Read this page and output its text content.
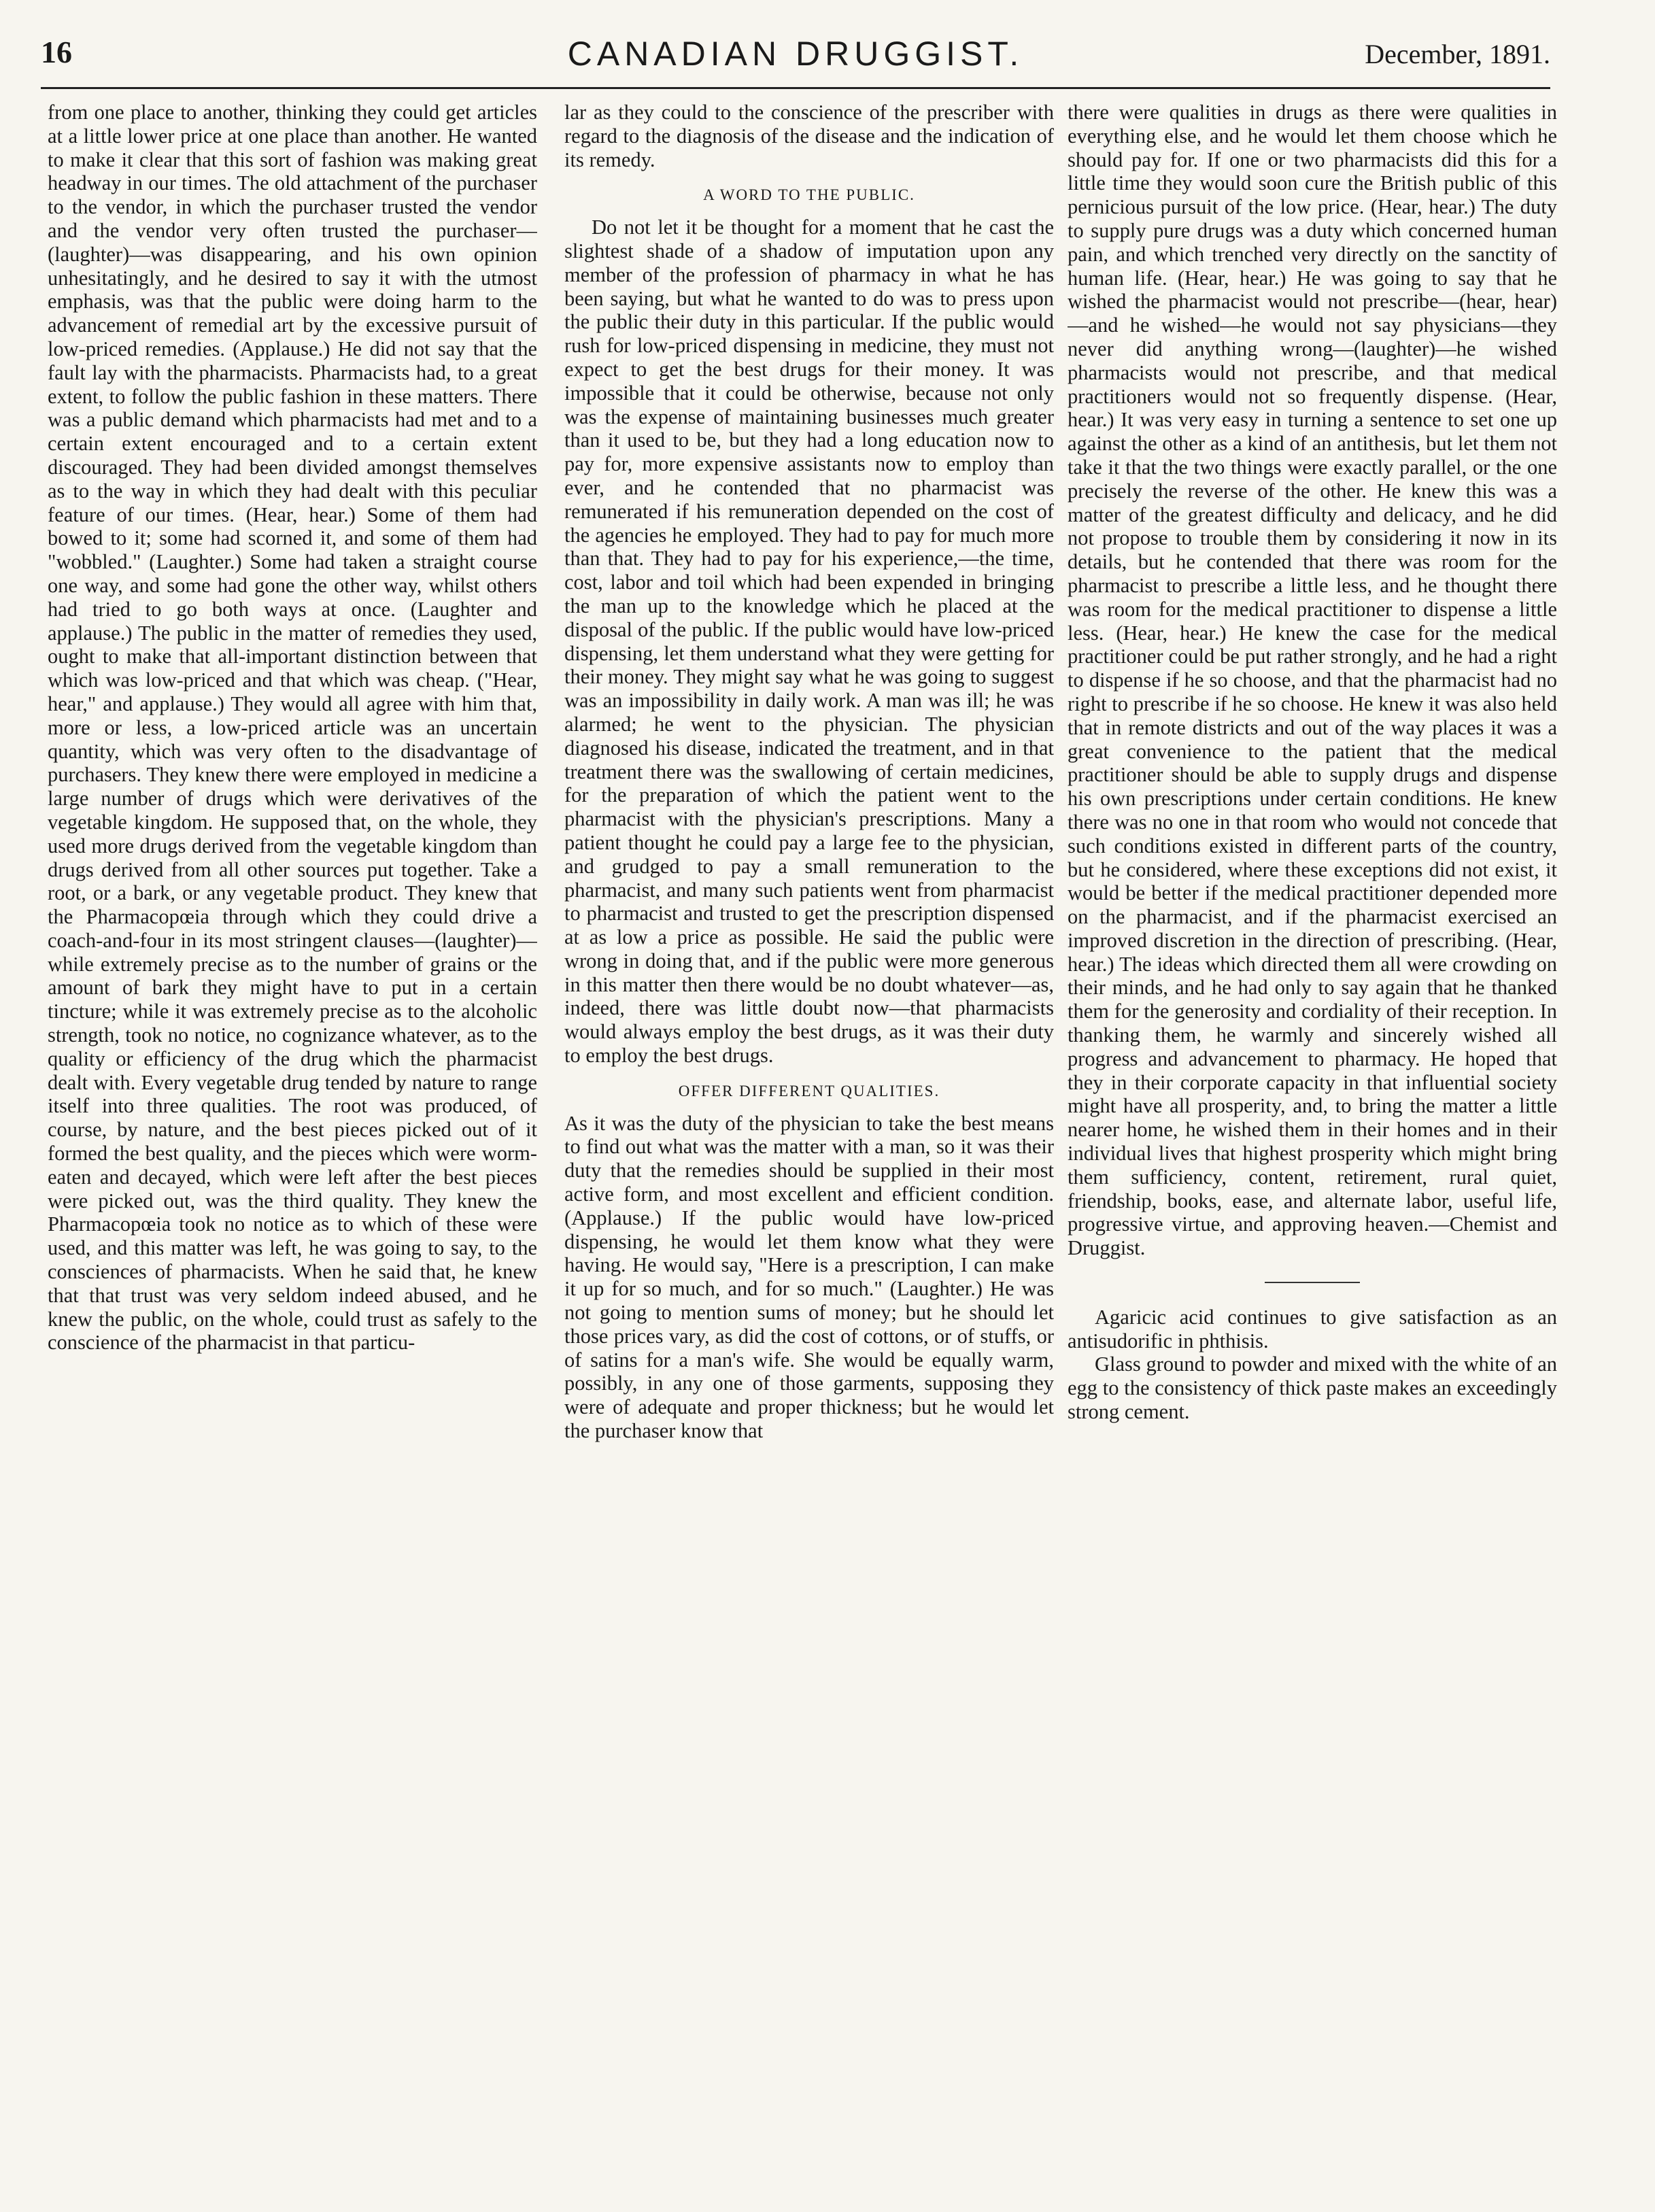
16	CANADIAN DRUGGIST.	December, 1891.

from one place to another, thinking they could get articles at a little lower price at one place than another. He wanted to make it clear that this sort of fashion was making great headway in our times. The old attachment of the purchaser to the vendor, in which the purchaser trusted the vendor and the vendor very often trusted the purchaser—(laughter)—was disappearing, and his own opinion unhesitatingly, and he desired to say it with the utmost emphasis, was that the public were doing harm to the advancement of remedial art by the excessive pursuit of low-priced remedies. (Applause.) He did not say that the fault lay with the pharmacists. Pharmacists had, to a great extent, to follow the public fashion in these matters. There was a public demand which pharmacists had met and to a certain extent encouraged and to a certain extent discouraged. They had been divided amongst themselves as to the way in which they had dealt with this peculiar feature of our times. (Hear, hear.) Some of them had bowed to it; some had scorned it, and some of them had "wobbled." (Laughter.) Some had taken a straight course one way, and some had gone the other way, whilst others had tried to go both ways at once. (Laughter and applause.) The public in the matter of remedies they used, ought to make that all-important distinction between that which was low-priced and that which was cheap. ("Hear, hear," and applause.) They would all agree with him that, more or less, a low-priced article was an uncertain quantity, which was very often to the disadvantage of purchasers. They knew there were employed in medicine a large number of drugs which were derivatives of the vegetable kingdom. He supposed that, on the whole, they used more drugs derived from the vegetable kingdom than drugs derived from all other sources put together. Take a root, or a bark, or any vegetable product. They knew that the Pharmacopœia through which they could drive a coach-and-four in its most stringent clauses—(laughter)—while extremely precise as to the number of grains or the amount of bark they might have to put in a certain tincture; while it was extremely precise as to the alcoholic strength, took no notice, no cognizance whatever, as to the quality or efficiency of the drug which the pharmacist dealt with. Every vegetable drug tended by nature to range itself into three qualities. The root was produced, of course, by nature, and the best pieces picked out of it formed the best quality, and the pieces which were worm-eaten and decayed, which were left after the best pieces were picked out, was the third quality. They knew the Pharmacopœia took no notice as to which of these were used, and this matter was left, he was going to say, to the consciences of pharmacists. When he said that, he knew that that trust was very seldom indeed abused, and he knew the public, on the whole, could trust as safely to the conscience of the pharmacist in that particu-

lar as they could to the conscience of the prescriber with regard to the diagnosis of the disease and the indication of its remedy.

A WORD TO THE PUBLIC.

Do not let it be thought for a moment that he cast the slightest shade of a shadow of imputation upon any member of the profession of pharmacy in what he has been saying, but what he wanted to do was to press upon the public their duty in this particular. If the public would rush for low-priced dispensing in medicine, they must not expect to get the best drugs for their money. It was impossible that it could be otherwise, because not only was the expense of maintaining businesses much greater than it used to be, but they had a long education now to pay for, more expensive assistants now to employ than ever, and he contended that no pharmacist was remunerated if his remuneration depended on the cost of the agencies he employed. They had to pay for much more than that. They had to pay for his experience,—the time, cost, labor and toil which had been expended in bringing the man up to the knowledge which he placed at the disposal of the public. If the public would have low-priced dispensing, let them understand what they were getting for their money. They might say what he was going to suggest was an impossibility in daily work. A man was ill; he was alarmed; he went to the physician. The physician diagnosed his disease, indicated the treatment, and in that treatment there was the swallowing of certain medicines, for the preparation of which the patient went to the pharmacist with the physician's prescriptions. Many a patient thought he could pay a large fee to the physician, and grudged to pay a small remuneration to the pharmacist, and many such patients went from pharmacist to pharmacist and trusted to get the prescription dispensed at as low a price as possible. He said the public were wrong in doing that, and if the public were more generous in this matter then there would be no doubt whatever—as, indeed, there was little doubt now—that pharmacists would always employ the best drugs, as it was their duty to employ the best drugs.

OFFER DIFFERENT QUALITIES.

As it was the duty of the physician to take the best means to find out what was the matter with a man, so it was their duty that the remedies should be supplied in their most active form, and most excellent and efficient condition. (Applause.) If the public would have low-priced dispensing, he would let them know what they were having. He would say, "Here is a prescription, I can make it up for so much, and for so much." (Laughter.) He was not going to mention sums of money; but he should let those prices vary, as did the cost of cottons, or of stuffs, or of satins for a man's wife. She would be equally warm, possibly, in any one of those garments, supposing they were of adequate and proper thickness; but he would let the purchaser know that

there were qualities in drugs as there were qualities in everything else, and he would let them choose which he should pay for. If one or two pharmacists did this for a little time they would soon cure the British public of this pernicious pursuit of the low price. (Hear, hear.) The duty to supply pure drugs was a duty which concerned human pain, and which trenched very directly on the sanctity of human life. (Hear, hear.) He was going to say that he wished the pharmacist would not prescribe—(hear, hear)—and he wished—he would not say physicians—they never did anything wrong—(laughter)—he wished pharmacists would not prescribe, and that medical practitioners would not so frequently dispense. (Hear, hear.) It was very easy in turning a sentence to set one up against the other as a kind of an antithesis, but let them not take it that the two things were exactly parallel, or the one precisely the reverse of the other. He knew this was a matter of the greatest difficulty and delicacy, and he did not propose to trouble them by considering it now in its details, but he contended that there was room for the pharmacist to prescribe a little less, and he thought there was room for the medical practitioner to dispense a little less. (Hear, hear.) He knew the case for the medical practitioner could be put rather strongly, and he had a right to dispense if he so choose, and that the pharmacist had no right to prescribe if he so choose. He knew it was also held that in remote districts and out of the way places it was a great convenience to the patient that the medical practitioner should be able to supply drugs and dispense his own prescriptions under certain conditions. He knew there was no one in that room who would not concede that such conditions existed in different parts of the country, but he considered, where these exceptions did not exist, it would be better if the medical practitioner depended more on the pharmacist, and if the pharmacist exercised an improved discretion in the direction of prescribing. (Hear, hear.) The ideas which directed them all were crowding on their minds, and he had only to say again that he thanked them for the generosity and cordiality of their reception. In thanking them, he warmly and sincerely wished all progress and advancement to pharmacy. He hoped that they in their corporate capacity in that influential society might have all prosperity, and, to bring the matter a little nearer home, he wished them in their homes and in their individual lives that highest prosperity which might bring them sufficiency, content, retirement, rural quiet, friendship, books, ease, and alternate labor, useful life, progressive virtue, and approving heaven.—Chemist and Druggist.

Agaricic acid continues to give satisfaction as an antisudorific in phthisis.

Glass ground to powder and mixed with the white of an egg to the consistency of thick paste makes an exceedingly strong cement.
